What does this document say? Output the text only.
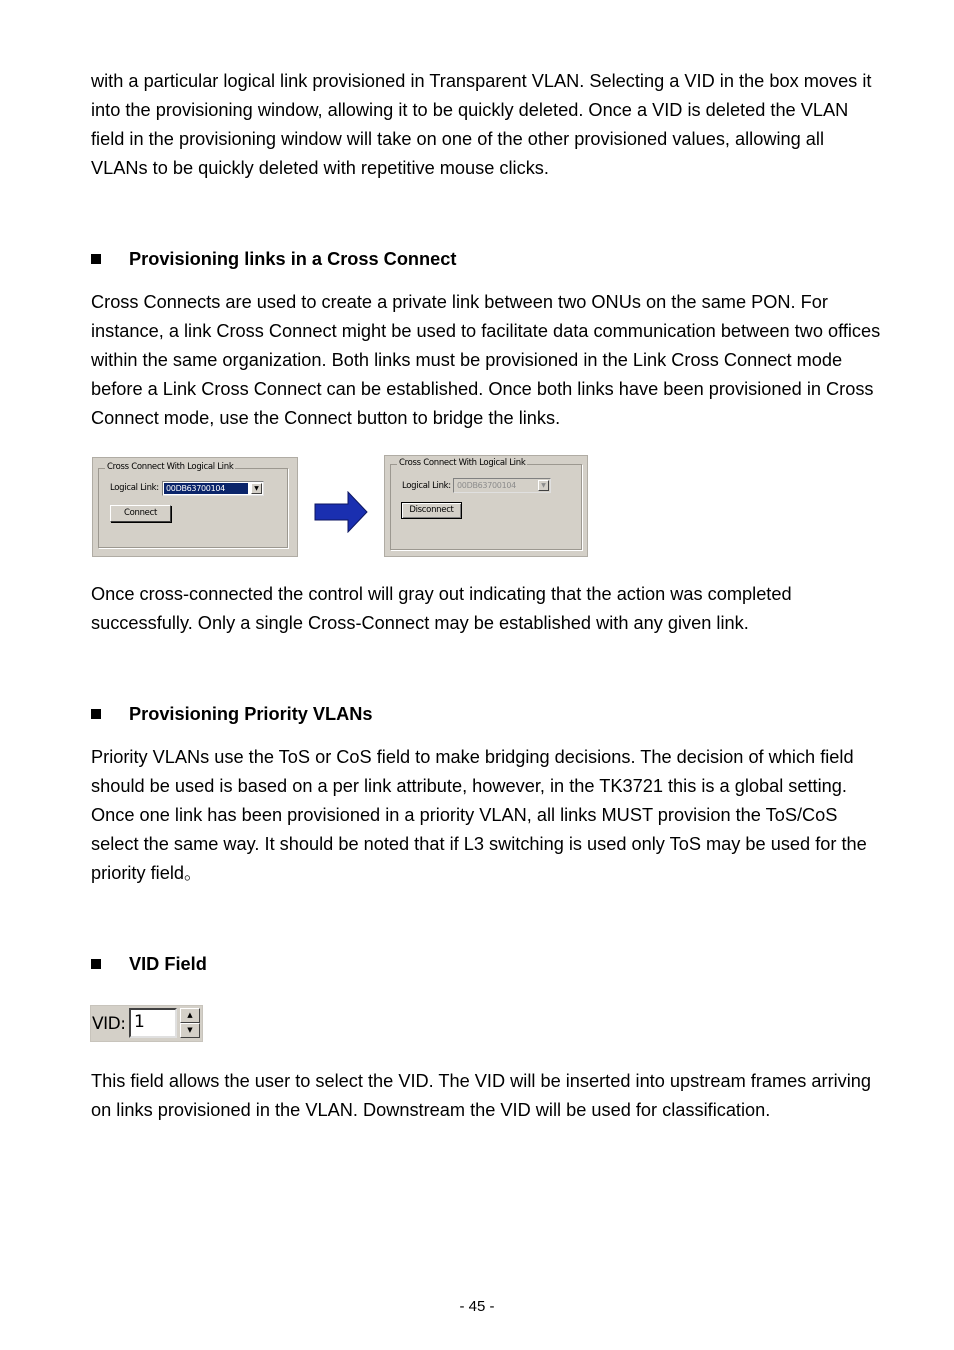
with a particular logical link provisioned in Transparent VLAN. Selecting a VID in the box moves it into the provisioning window, allowing it to be quickly deleted. Once a VID is deleted the VLAN field in the provisioning window will take on one of the other provisioned values, allowing all VLANs to be quickly deleted with repetitive mouse clicks.

Provisioning links in a Cross Connect

Cross Connects are used to create a private link between two ONUs on the same PON. For instance, a link Cross Connect might be used to facilitate data communication between two offices within the same organization. Both links must be provisioned in the Link Cross Connect mode before a Link Cross Connect can be established. Once both links have been provisioned in Cross Connect mode, use the Connect button to bridge the links.

Cross Connect With Logical Link
Logical Link: 00DB63700104	▼
Connect
Cross Connect With Logical Link
Logical Link: 00DB63700104	▼
Disconnect

Once cross-connected the control will gray out indicating that the action was completed successfully. Only a single Cross-Connect may be established with any given link.

Provisioning Priority VLANs

Priority VLANs use the ToS or CoS field to make bridging decisions. The decision of which field should be used is based on a per link attribute, however, in the TK3721 this is a global setting. Once one link has been provisioned in a priority VLAN, all links MUST provision the ToS/CoS select the same way. It should be noted that if L3 switching is used only ToS may be used for the priority field。

VID Field
VID: 1	▲
▼

This field allows the user to select the VID. The VID will be inserted into upstream frames arriving on links provisioned in the VLAN. Downstream the VID will be used for classification.

- 45 -
